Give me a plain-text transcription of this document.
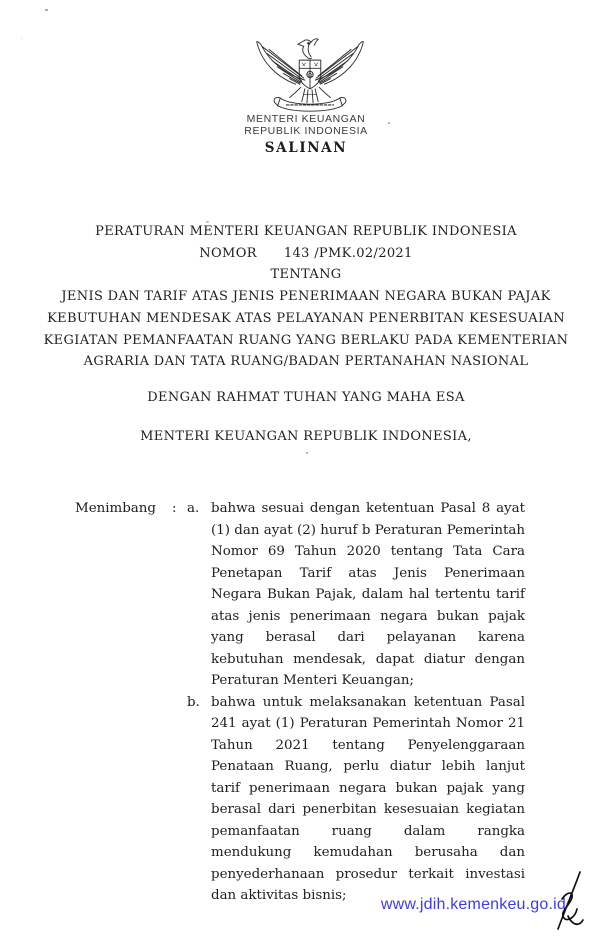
MENTERI KEUANGAN
REPUBLIK INDONESIA
SALINAN
PERATURAN MENTERI KEUANGAN REPUBLIK INDONESIA
NOMOR 143 /PMK.02/2021
TENTANG
JENIS DAN TARIF ATAS JENIS PENERIMAAN NEGARA BUKAN PAJAK
KEBUTUHAN MENDESAK ATAS PELAYANAN PENERBITAN KESESUAIAN
KEGIATAN PEMANFAATAN RUANG YANG BERLAKU PADA KEMENTERIAN
AGRARIA DAN TATA RUANG/BADAN PERTANAHAN NASIONAL
DENGAN RAHMAT TUHAN YANG MAHA ESA
MENTERI KEUANGAN REPUBLIK INDONESIA,
Menimbang	: a. bahwa sesuai dengan ketentuan Pasal 8 ayat (1) dan ayat (2) huruf b Peraturan Pemerintah Nomor 69 Tahun 2020 tentang Tata Cara Penetapan Tarif atas Jenis Penerimaan Negara Bukan Pajak, dalam hal tertentu tarif atas jenis penerimaan negara bukan pajak yang berasal dari pelayanan karena kebutuhan mendesak, dapat diatur dengan Peraturan Menteri Keuangan;
b. bahwa untuk melaksanakan ketentuan Pasal 241 ayat (1) Peraturan Pemerintah Nomor 21 Tahun 2021 tentang Penyelenggaraan Penataan Ruang, perlu diatur lebih lanjut tarif penerimaan negara bukan pajak yang berasal dari penerbitan kesesuaian kegiatan pemanfaatan ruang dalam rangka mendukung kemudahan berusaha dan penyederhanaan prosedur terkait investasi dan aktivitas bisnis;
www.jdih.kemenkeu.go.id
